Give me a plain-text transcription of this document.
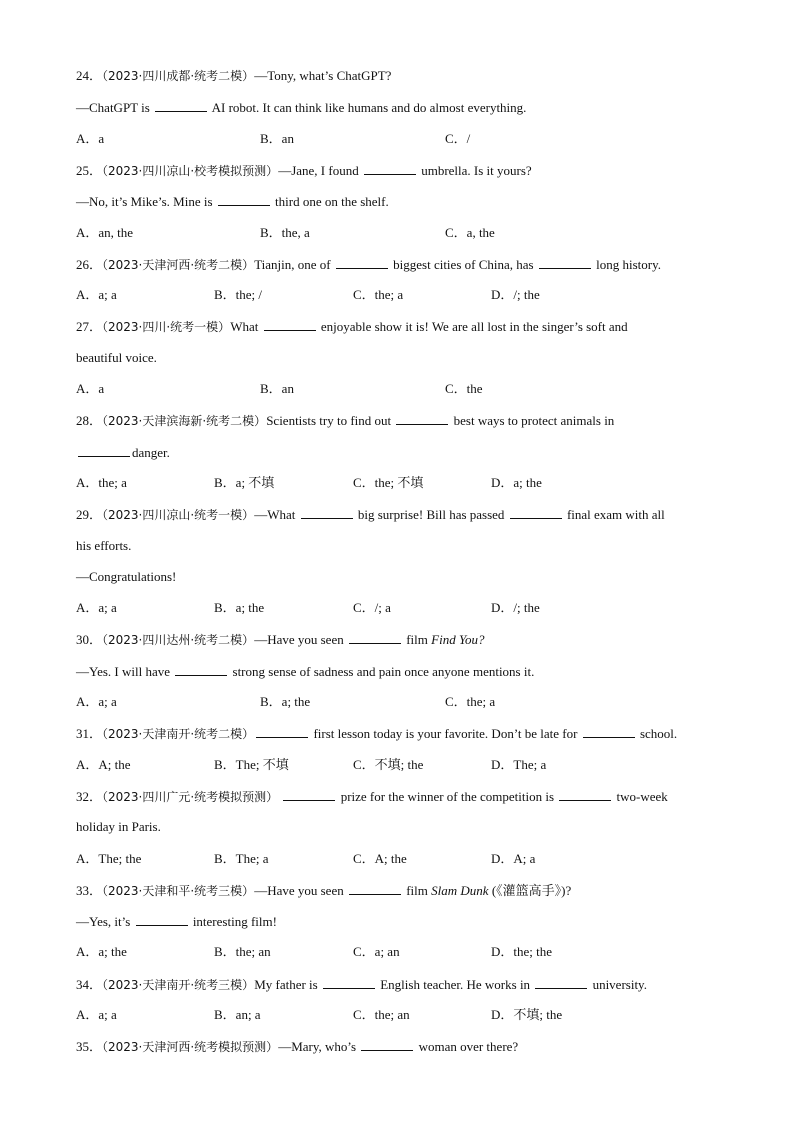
24．（2023·四川成都·统考二模）—Tony, what’s ChatGPT?
—ChatGPT is	AI robot. It can think like humans and do almost everything.
A．a	B．an	C．/
25．（2023·四川凉山·校考模拟预测）—Jane, I found	umbrella. Is it yours?
—No, it’s Mike’s. Mine is	third one on the shelf.
A．an, the	B．the, a	C．a, the
26．（2023·天津河西·统考二模）Tianjin, one of	biggest cities of China, has	long history.
A．a; a	B．the; /	C．the; a	D．/; the
27．（2023·四川·统考一模）What	enjoyable show it is! We are all lost in the singer’s soft and
beautiful voice.
A．a	B．an	C．the
28．（2023·天津滨海新·统考二模）Scientists try to find out	best ways to protect animals in
danger.
A．the; a	B．a; 不填	C．the; 不填	D．a; the
29．（2023·四川凉山·统考一模）—What	big surprise! Bill has passed	final exam with all
his efforts.
—Congratulations!
A．a; a	B．a; the	C．/; a	D．/; the
30．（2023·四川达州·统考二模）—Have you seen	film Find You?
—Yes. I will have	strong sense of sadness and pain once anyone mentions it.
A．a; a	B．a; the	C．the; a
31．（2023·天津南开·统考二模）	first lesson today is your favorite. Don’t be late for	school.
A．A; the	B．The; 不填	C．不填; the	D．The; a
32．（2023·四川广元·统考模拟预测）	prize for the winner of the competition is	two-week
holiday in Paris.
A．The; the	B．The; a	C．A; the	D．A; a
33．（2023·天津和平·统考三模）—Have you seen	film Slam Dunk (《灌篮高手》)?
—Yes, it’s	interesting film!
A．a; the	B．the; an	C．a; an	D．the; the
34．（2023·天津南开·统考三模）My father is	English teacher. He works in	university.
A．a; a	B．an; a	C．the; an	D．不填; the
35．（2023·天津河西·统考模拟预测）—Mary, who’s	woman over there?
